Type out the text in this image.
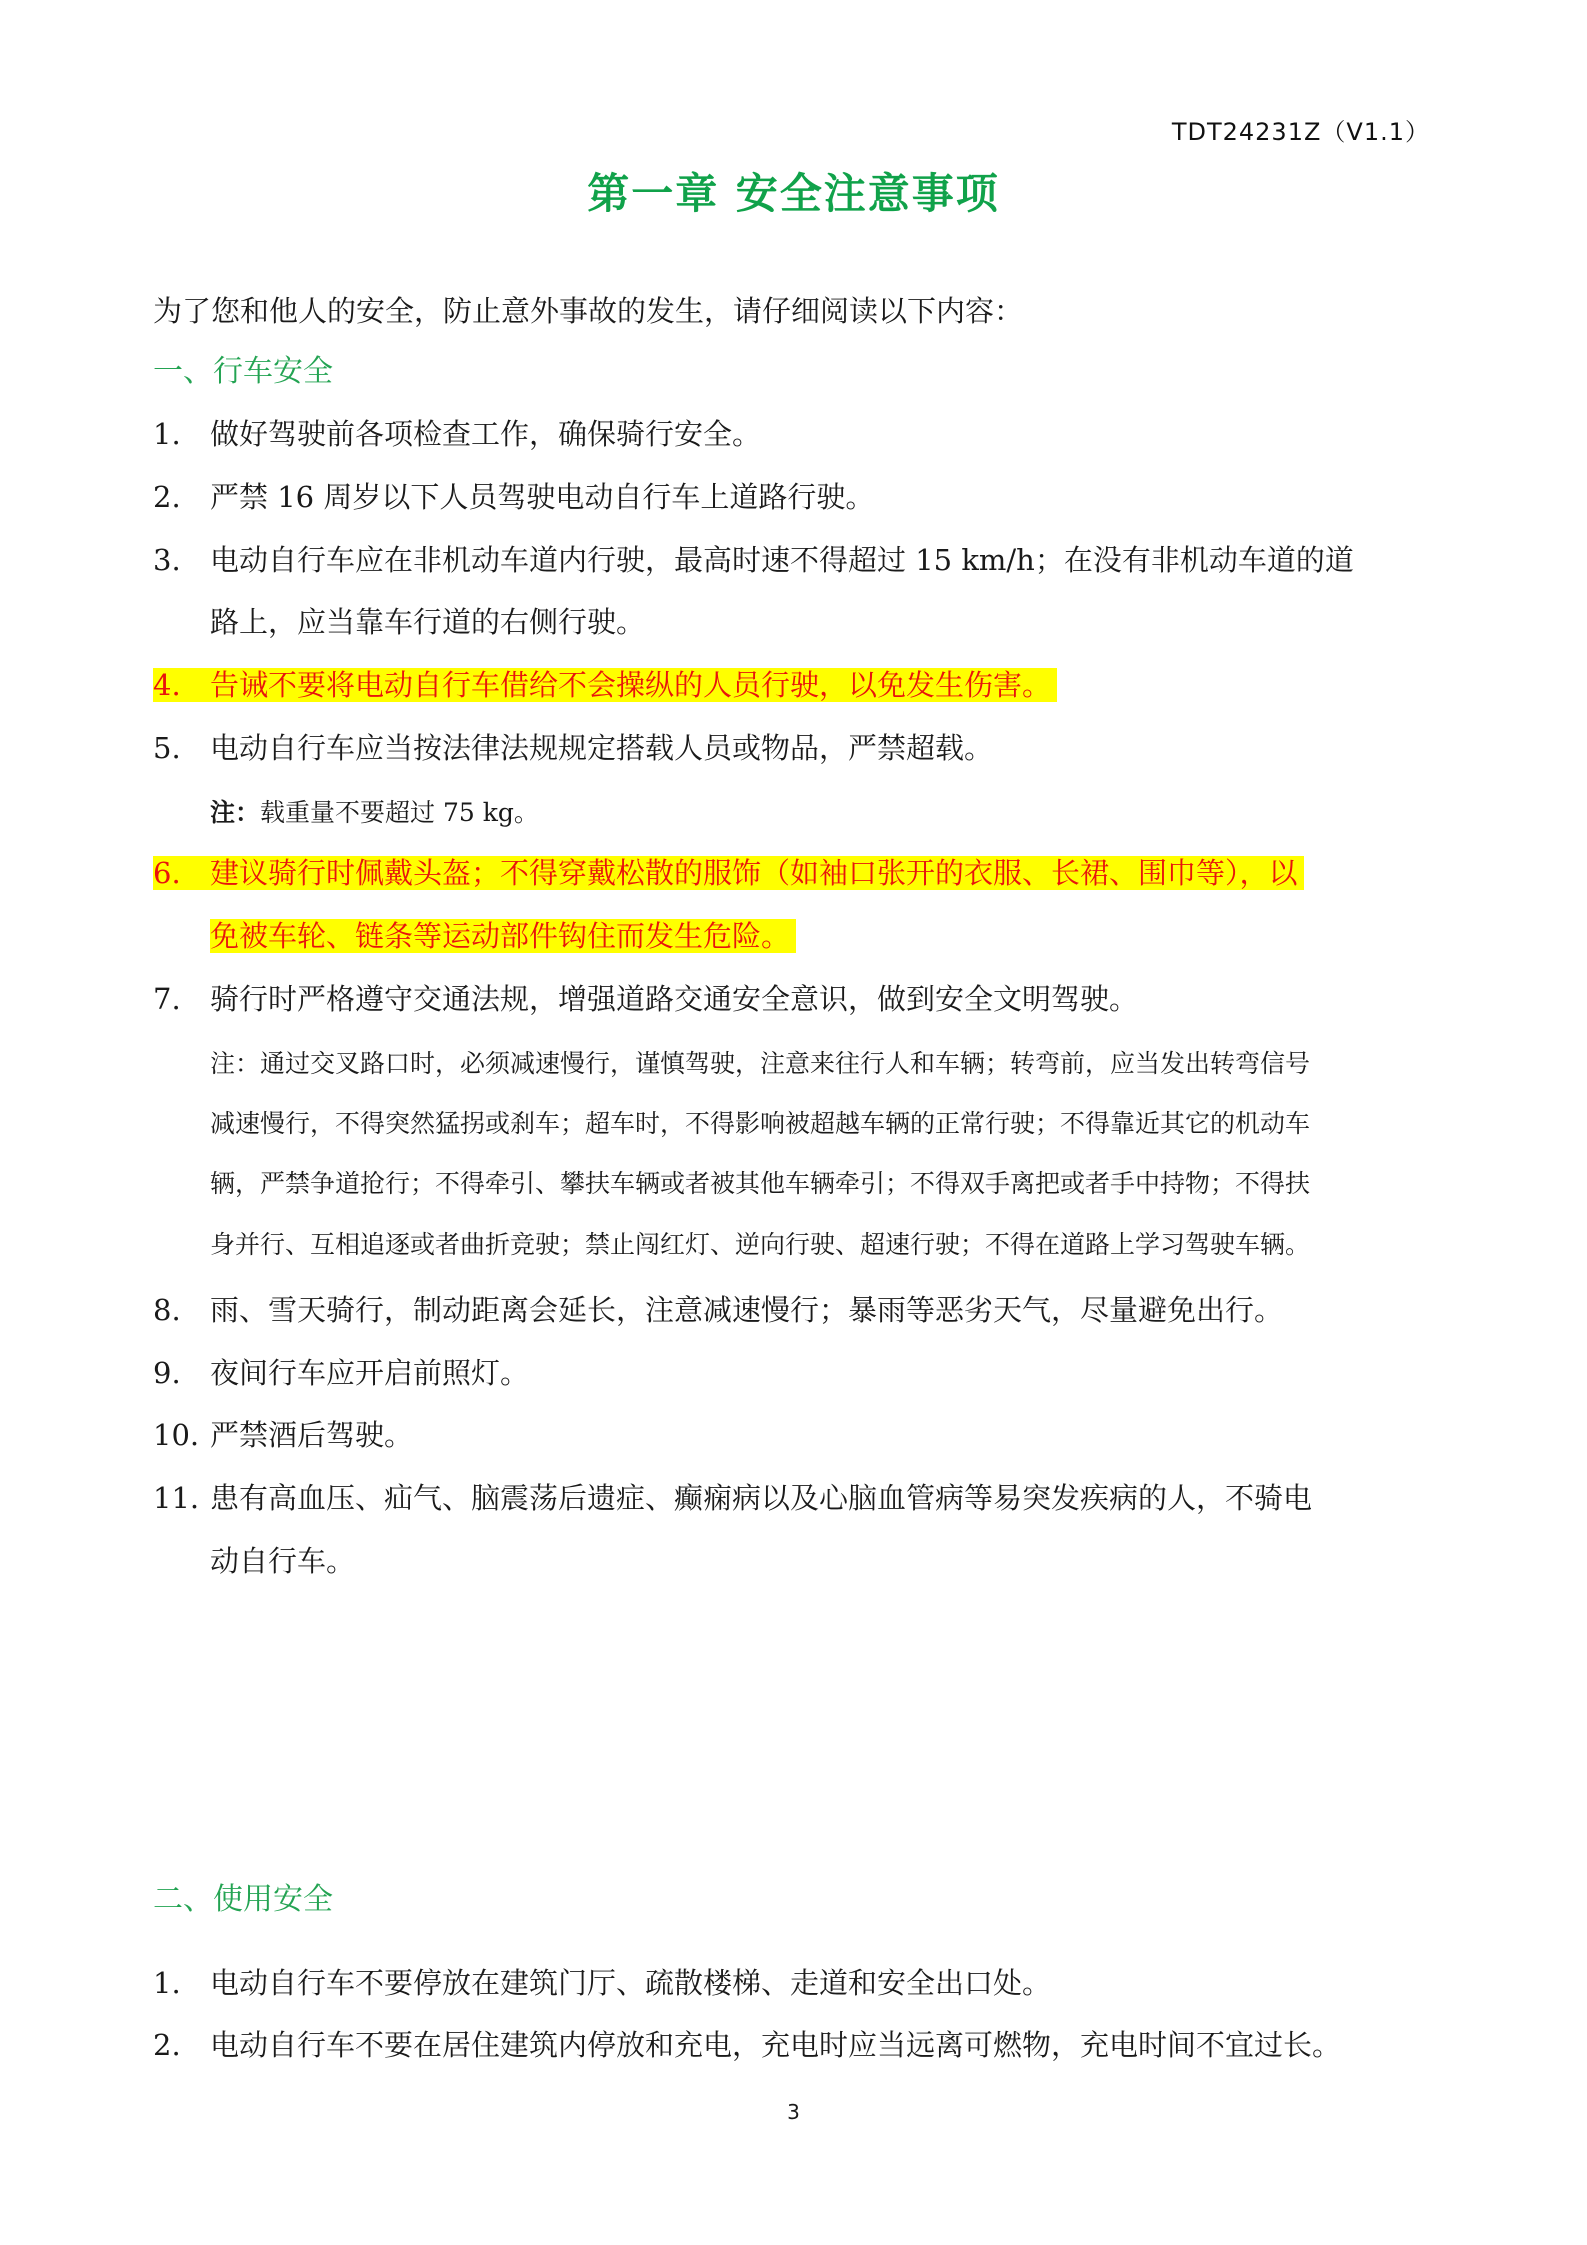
TDT24231Z（V1.1）
第一章 安全注意事项
为了您和他人的安全，防止意外事故的发生，请仔细阅读以下内容：
一、行车安全
1. 做好驾驶前各项检查工作，确保骑行安全。
2. 严禁 16 周岁以下人员驾驶电动自行车上道路行驶。
3. 电动自行车应在非机动车道内行驶，最高时速不得超过 15 km/h；在没有非机动车道的道
路上，应当靠车行道的右侧行驶。
4. 告诫不要将电动自行车借给不会操纵的人员行驶，以免发生伤害。
5. 电动自行车应当按法律法规规定搭载人员或物品，严禁超载。
注：载重量不要超过 75 kg。
6. 建议骑行时佩戴头盔；不得穿戴松散的服饰（如袖口张开的衣服、长裙、围巾等），以
免被车轮、链条等运动部件钩住而发生危险。
7. 骑行时严格遵守交通法规，增强道路交通安全意识，做到安全文明驾驶。
注：通过交叉路口时，必须减速慢行，谨慎驾驶，注意来往行人和车辆；转弯前，应当发出转弯信号
减速慢行，不得突然猛拐或刹车；超车时，不得影响被超越车辆的正常行驶；不得靠近其它的机动车
辆，严禁争道抢行；不得牵引、攀扶车辆或者被其他车辆牵引；不得双手离把或者手中持物；不得扶
身并行、互相追逐或者曲折竞驶；禁止闯红灯、逆向行驶、超速行驶；不得在道路上学习驾驶车辆。
8. 雨、雪天骑行，制动距离会延长，注意减速慢行；暴雨等恶劣天气，尽量避免出行。
9. 夜间行车应开启前照灯。
10. 严禁酒后驾驶。
11. 患有高血压、疝气、脑震荡后遗症、癫痫病以及心脑血管病等易突发疾病的人，不骑电
动自行车。
二、使用安全
1. 电动自行车不要停放在建筑门厅、疏散楼梯、走道和安全出口处。
2. 电动自行车不要在居住建筑内停放和充电，充电时应当远离可燃物，充电时间不宜过长。
3
